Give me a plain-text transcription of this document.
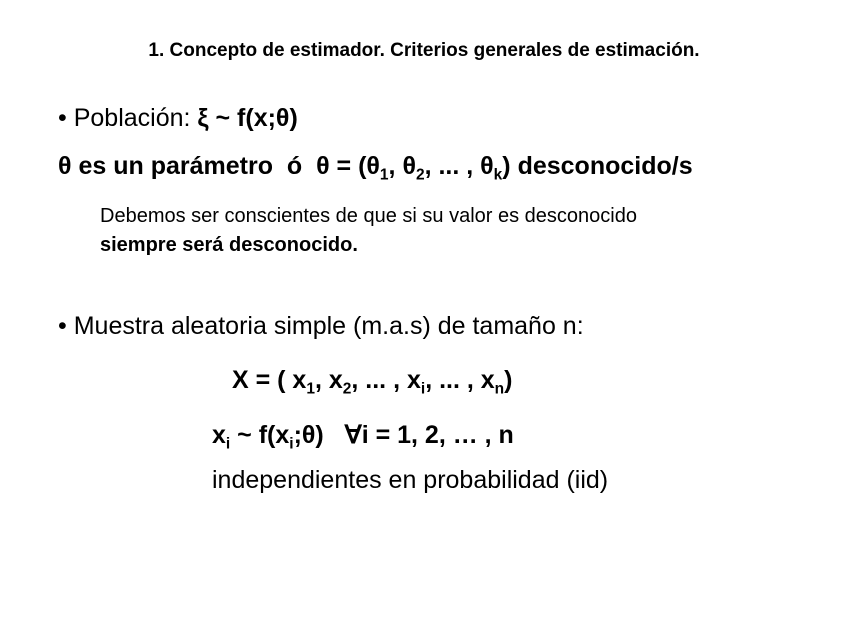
1. Concepto de estimador. Criterios generales de estimación.
• Población: ξ ~ f(x;θ)
θ es un parámetro ó $\theta = (\theta_1$, $\theta_2$, ... , $\theta_k$) desconocido/s
Debemos ser conscientes de que si su valor es desconocido
siempre será desconocido.
• Muestra aleatoria simple (m.a.s) de tamaño n:
X = ( $x_1$, $x_2$, ... , $x_i$, ... , $x_n$)
$x_i$ ~ $f(x_i;\theta)$ ∀i = 1, 2, … , n
independientes en probabilidad (iid)
